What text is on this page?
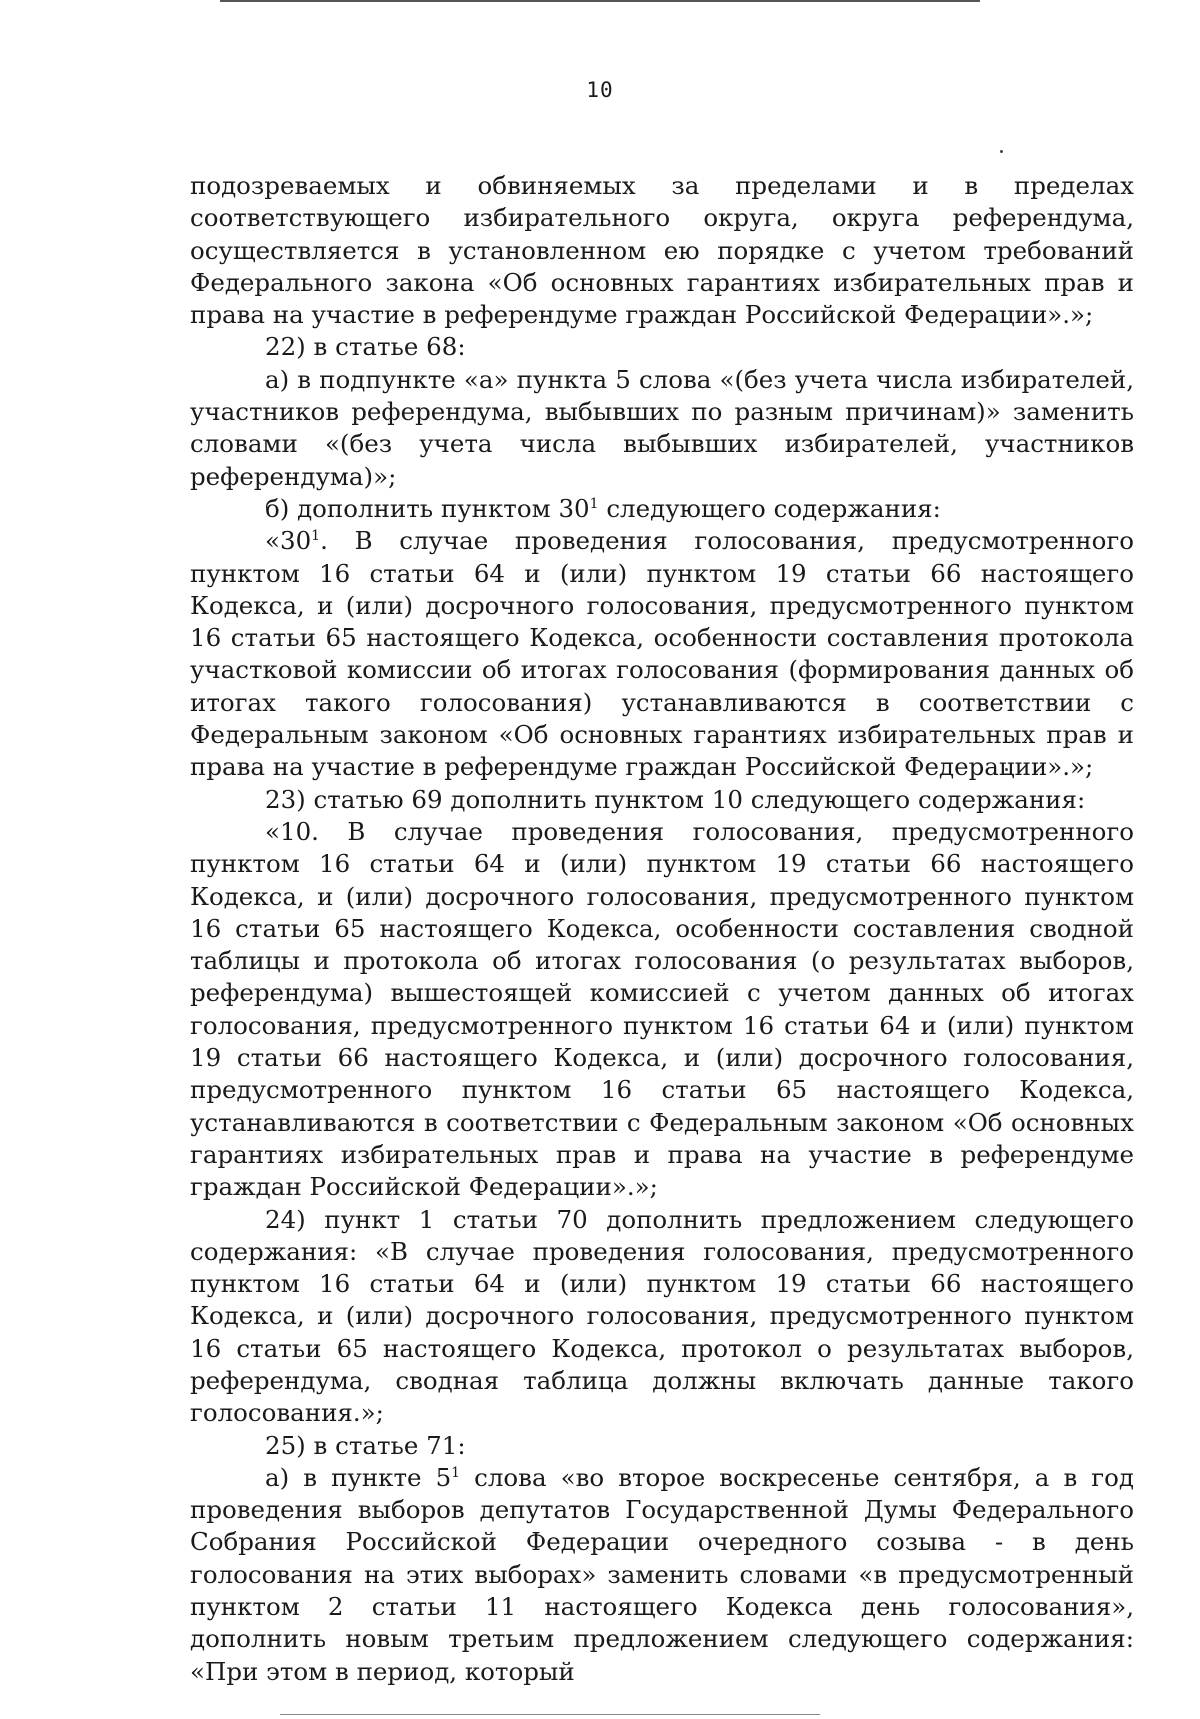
10

подозреваемых и обвиняемых за пределами и в пределах соответствующего избирательного округа, округа референдума, осуществляется в установленном ею порядке с учетом требований Федерального закона «Об основных гарантиях избирательных прав и права на участие в референдуме граждан Российской Федерации».»;

22) в статье 68:

а) в подпункте «а» пункта 5 слова «(без учета числа избирателей, участников референдума, выбывших по разным причинам)» заменить словами «(без учета числа выбывших избирателей, участников референдума)»;

б) дополнить пунктом $30^1$ следующего содержания:

«$30^1$. В случае проведения голосования, предусмотренного пунктом 16 статьи 64 и (или) пунктом 19 статьи 66 настоящего Кодекса, и (или) досрочного голосования, предусмотренного пунктом 16 статьи 65 настоящего Кодекса, особенности составления протокола участковой комиссии об итогах голосования (формирования данных об итогах такого голосования) устанавливаются в соответствии с Федеральным законом «Об основных гарантиях избирательных прав и права на участие в референдуме граждан Российской Федерации».»;

23) статью 69 дополнить пунктом 10 следующего содержания:

«10. В случае проведения голосования, предусмотренного пунктом 16 статьи 64 и (или) пунктом 19 статьи 66 настоящего Кодекса, и (или) досрочного голосования, предусмотренного пунктом 16 статьи 65 настоящего Кодекса, особенности составления сводной таблицы и протокола об итогах голосования (о результатах выборов, референдума) вышестоящей комиссией с учетом данных об итогах голосования, предусмотренного пунктом 16 статьи 64 и (или) пунктом 19 статьи 66 настоящего Кодекса, и (или) досрочного голосования, предусмотренного пунктом 16 статьи 65 настоящего Кодекса, устанавливаются в соответствии с Федеральным законом «Об основных гарантиях избирательных прав и права на участие в референдуме граждан Российской Федерации».»;

24) пункт 1 статьи 70 дополнить предложением следующего содержания: «В случае проведения голосования, предусмотренного пунктом 16 статьи 64 и (или) пунктом 19 статьи 66 настоящего Кодекса, и (или) досрочного голосования, предусмотренного пунктом 16 статьи 65 настоящего Кодекса, протокол о результатах выборов, референдума, сводная таблица должны включать данные такого голосования.»;

25) в статье 71:

а) в пункте $5^1$ слова «во второе воскресенье сентября, а в год проведения выборов депутатов Государственной Думы Федерального Собрания Российской Федерации очередного созыва - в день голосования на этих выборах» заменить словами «в предусмотренный пунктом 2 статьи 11 настоящего Кодекса день голосования», дополнить новым третьим предложением следующего содержания: «При этом в период, который
